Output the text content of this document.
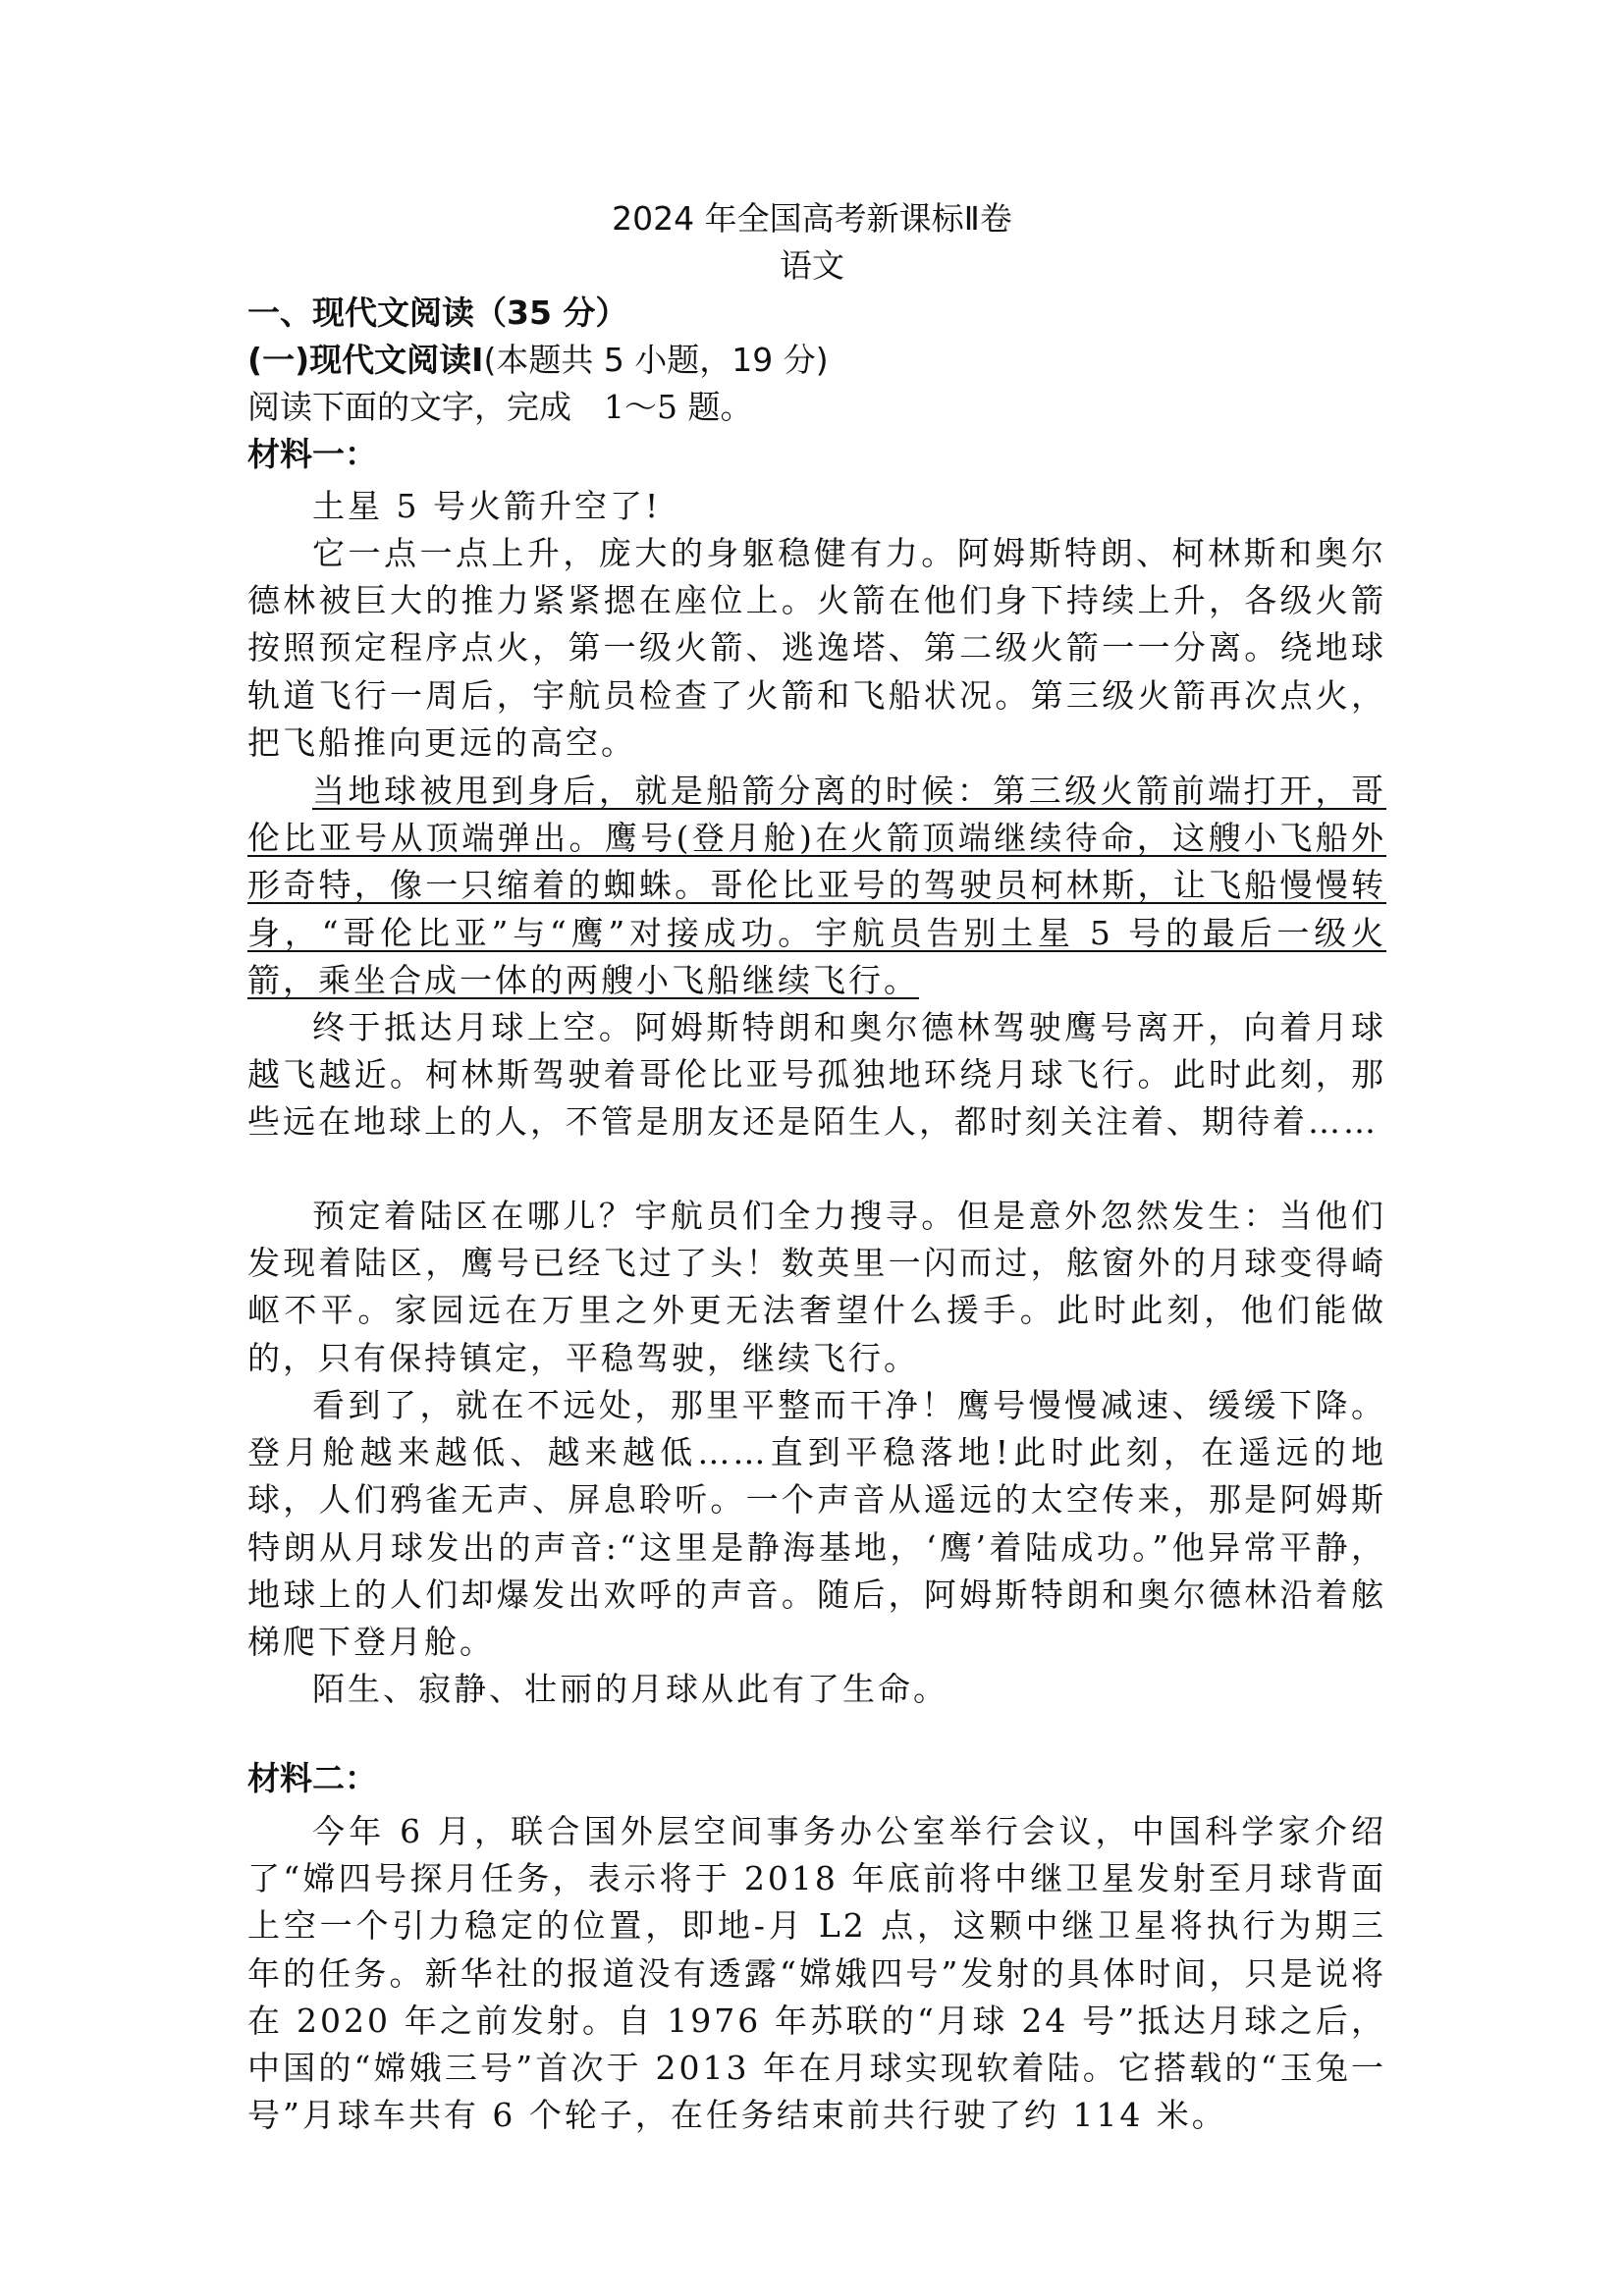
2024 年全国高考新课标Ⅱ卷
语文

一、现代文阅读（35 分）

(一)现代文阅读Ⅰ(本题共 5 小题，19 分)

阅读下面的文字，完成　1～5 题。

材料一：

土星 5 号火箭升空了!

它一点一点上升，庞大的身躯稳健有力。阿姆斯特朗、柯林斯和奥尔德林被巨大的推力紧紧摁在座位上。火箭在他们身下持续上升，各级火箭按照预定程序点火，第一级火箭、逃逸塔、第二级火箭一一分离。绕地球轨道飞行一周后，宇航员检查了火箭和飞船状况。第三级火箭再次点火，把飞船推向更远的高空。

当地球被甩到身后，就是船箭分离的时候：第三级火箭前端打开，哥伦比亚号从顶端弹出。鹰号(登月舱)在火箭顶端继续待命，这艘小飞船外形奇特，像一只缩着的蜘蛛。哥伦比亚号的驾驶员柯林斯，让飞船慢慢转身，“哥伦比亚”与“鹰”对接成功。宇航员告别土星 5 号的最后一级火箭，乘坐合成一体的两艘小飞船继续飞行。

终于抵达月球上空。阿姆斯特朗和奥尔德林驾驶鹰号离开，向着月球越飞越近。柯林斯驾驶着哥伦比亚号孤独地环绕月球飞行。此时此刻，那些远在地球上的人，不管是朋友还是陌生人，都时刻关注着、期待着……

预定着陆区在哪儿？宇航员们全力搜寻。但是意外忽然发生：当他们发现着陆区，鹰号已经飞过了头！数英里一闪而过，舷窗外的月球变得崎岖不平。家园远在万里之外更无法奢望什么援手。此时此刻，他们能做的，只有保持镇定，平稳驾驶，继续飞行。

看到了，就在不远处，那里平整而干净！鹰号慢慢减速、缓缓下降。登月舱越来越低、越来越低……直到平稳落地!此时此刻，在遥远的地球，人们鸦雀无声、屏息聆听。一个声音从遥远的太空传来，那是阿姆斯特朗从月球发出的声音:“这里是静海基地，‘鹰’着陆成功。”他异常平静，地球上的人们却爆发出欢呼的声音。随后，阿姆斯特朗和奥尔德林沿着舷梯爬下登月舱。

陌生、寂静、壮丽的月球从此有了生命。

材料二：

今年 6 月，联合国外层空间事务办公室举行会议，中国科学家介绍了“嫦四号探月任务，表示将于 2018 年底前将中继卫星发射至月球背面上空一个引力稳定的位置，即地-月 L2 点，这颗中继卫星将执行为期三年的任务。新华社的报道没有透露“嫦娥四号”发射的具体时间，只是说将在 2020 年之前发射。自 1976 年苏联的“月球 24 号”抵达月球之后，中国的“嫦娥三号”首次于 2013 年在月球实现软着陆。它搭载的“玉兔一号”月球车共有 6 个轮子，在任务结束前共行驶了约 114 米。
